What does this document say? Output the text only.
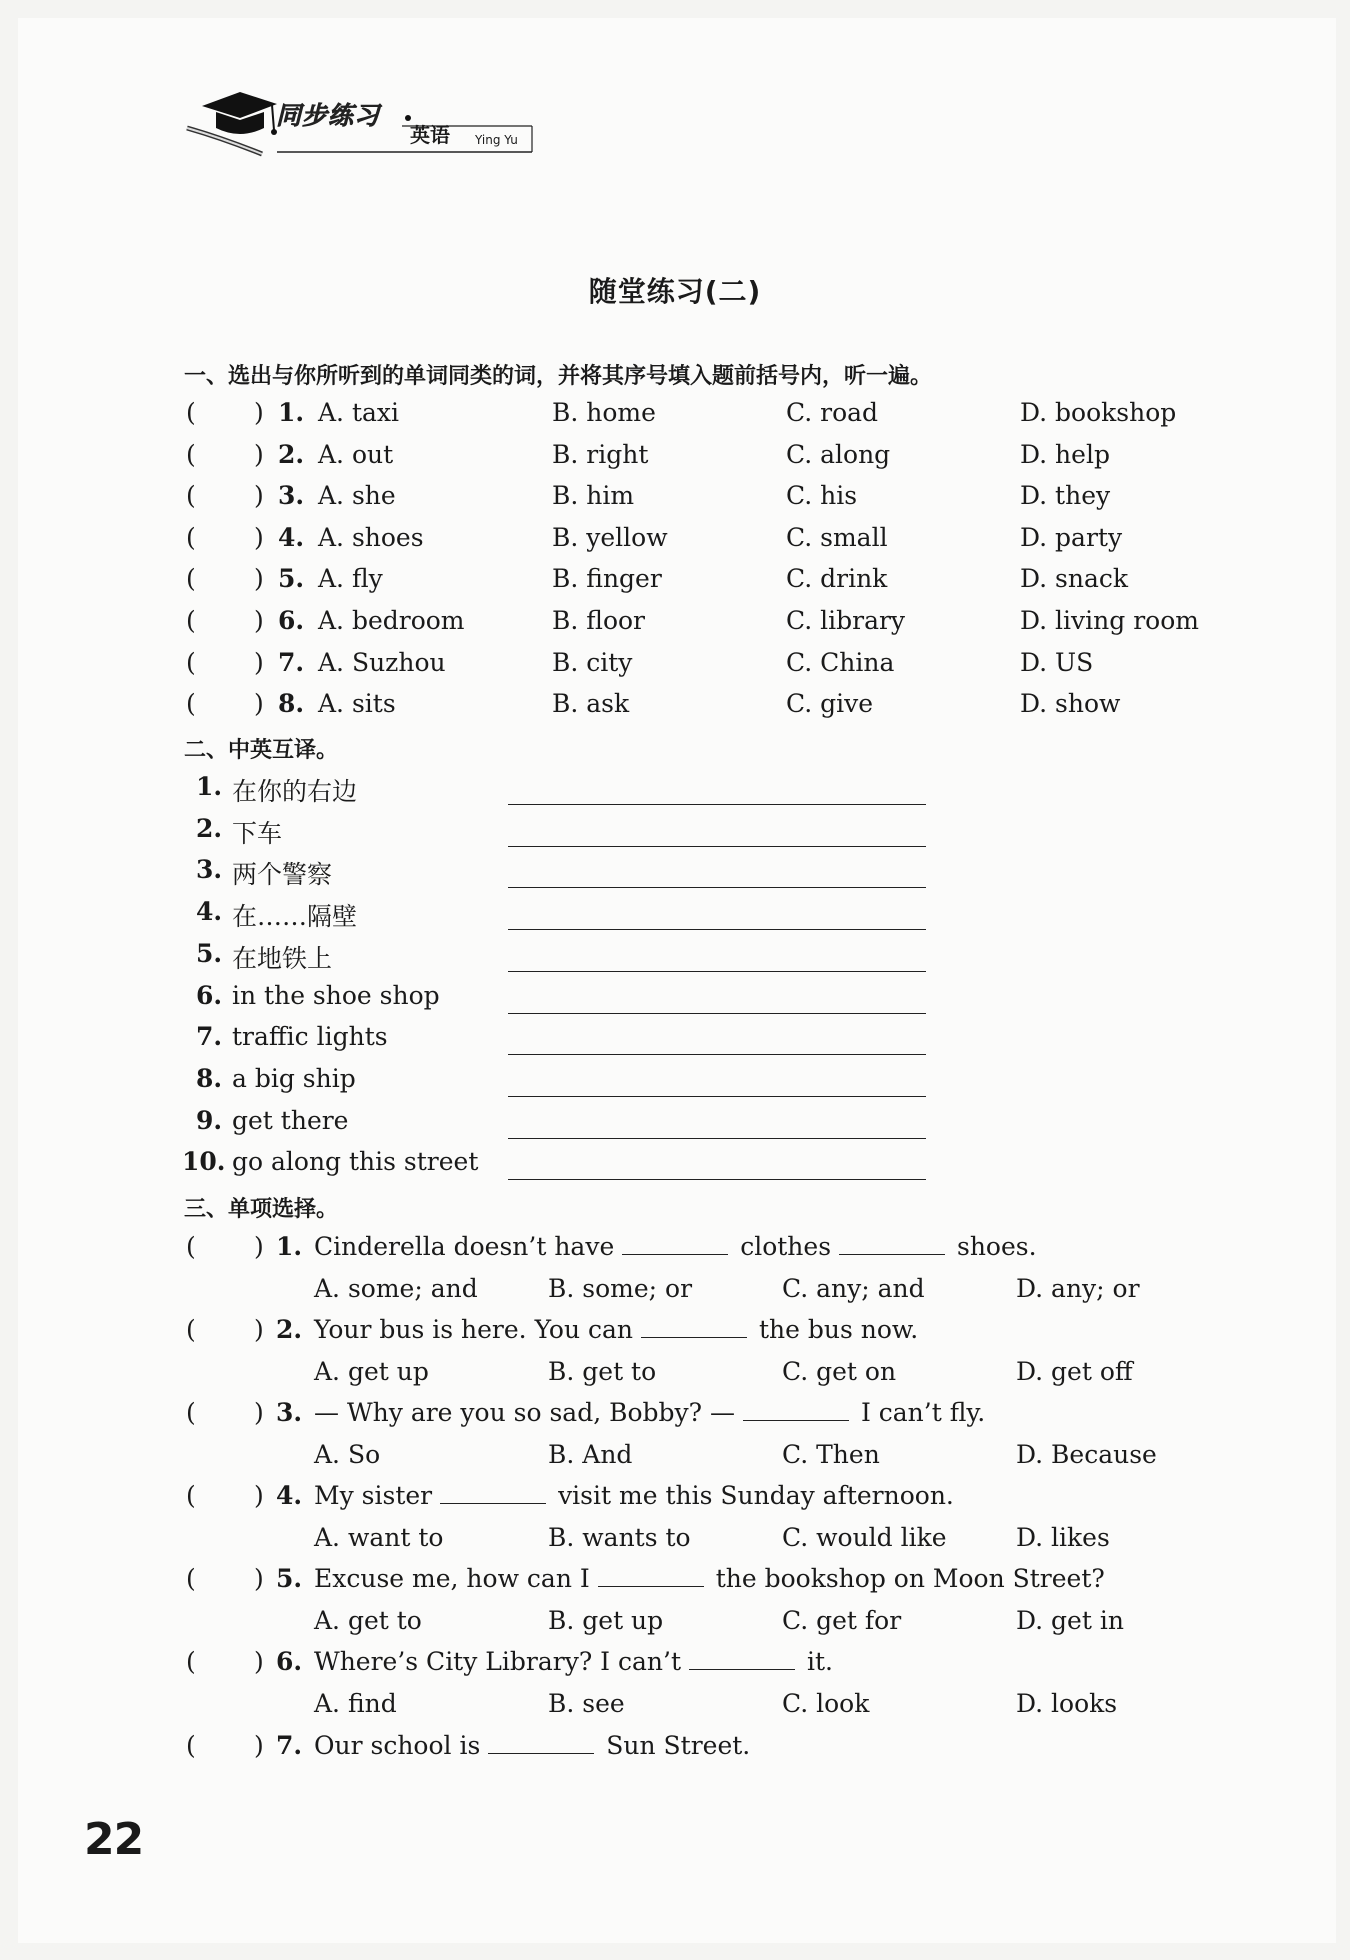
同步练习
英语 Ying Yu
随堂练习(二)
一、选出与你所听到的单词同类的词，并将其序号填入题前括号内，听一遍。
( ) 1. A. taxi	B. home	C. road	D. bookshop
( ) 2. A. out	B. right	C. along	D. help
( ) 3. A. she	B. him	C. his	D. they
( ) 4. A. shoes	B. yellow	C. small	D. party
( ) 5. A. fly	B. finger	C. drink	D. snack
( ) 6. A. bedroom	B. floor	C. library	D. living room
( ) 7. A. Suzhou	B. city	C. China	D. US
( ) 8. A. sits	B. ask	C. give	D. show
二、中英互译。
1. 在你的右边
2. 下车
3. 两个警察
4. 在……隔壁
5. 在地铁上
6. in the shoe shop
7. traffic lights
8. a big ship
9. get there
10. go along this street
三、单项选择。
( ) 1. Cinderella doesn’t have	clothes	shoes.
A. some; and	B. some; or	C. any; and	D. any; or
( ) 2. Your bus is here. You can	the bus now.
A. get up	B. get to	C. get on	D. get off
( ) 3. — Why are you so sad, Bobby? —	I can’t fly.
A. So	B. And	C. Then	D. Because
( ) 4. My sister	visit me this Sunday afternoon.
A. want to	B. wants to	C. would like	D. likes
( ) 5. Excuse me, how can I	the bookshop on Moon Street?
A. get to	B. get up	C. get for	D. get in
( ) 6. Where’s City Library? I can’t	it.
A. find	B. see	C. look	D. looks
( ) 7. Our school is	Sun Street.
22
